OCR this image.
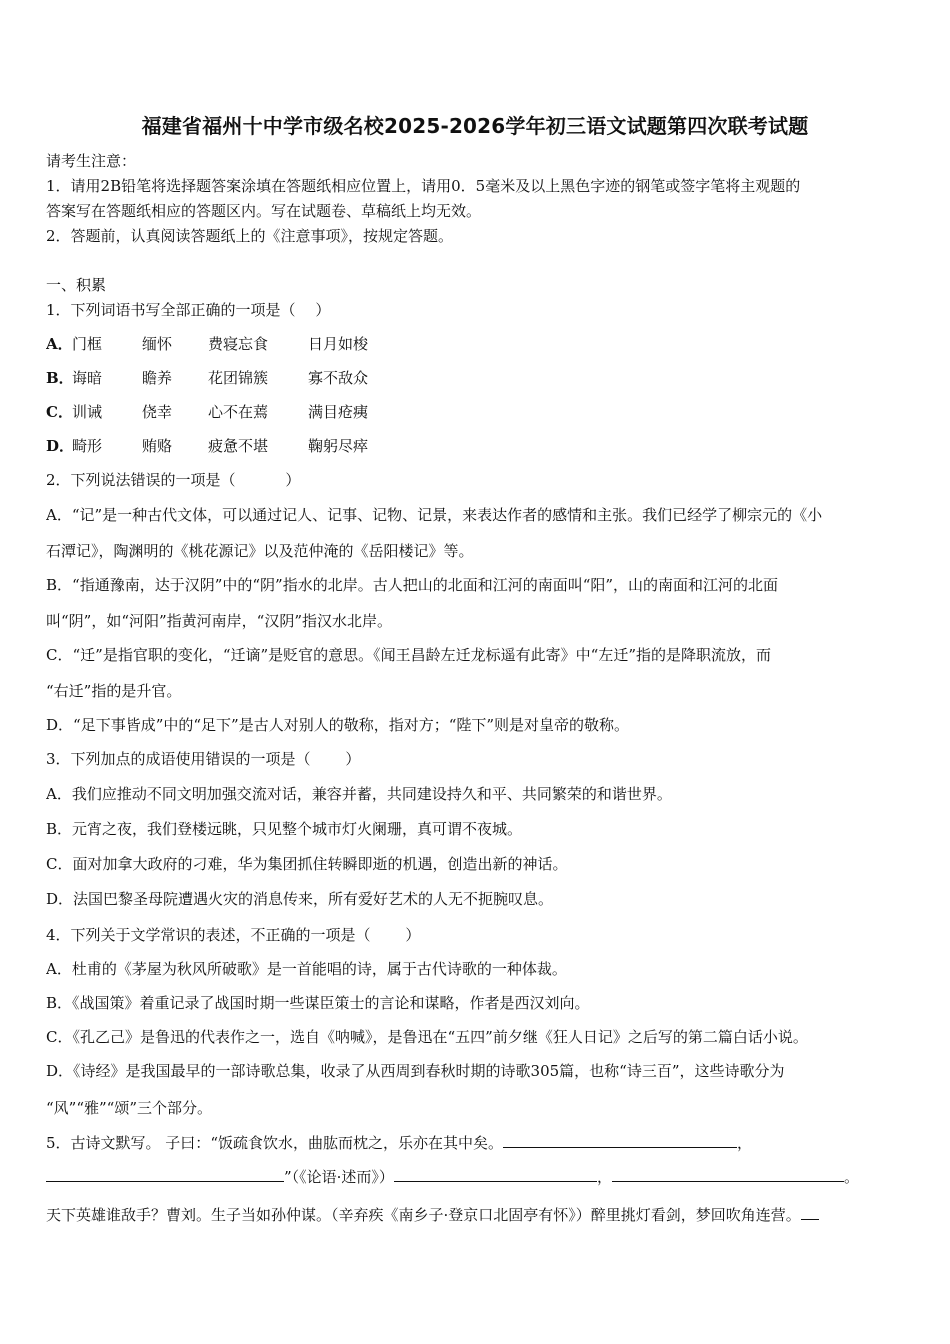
福建省福州十中学市级名校2025-2026学年初三语文试题第四次联考试题
请考生注意：
1．请用2B铅笔将选择题答案涂填在答题纸相应位置上，请用0．5毫米及以上黑色字迹的钢笔或签字笔将主观题的
答案写在答题纸相应的答题区内。写在试题卷、草稿纸上均无效。
2．答题前，认真阅读答题纸上的《注意事项》，按规定答题。
一、积累
1．下列词语书写全部正确的一项是（　 ）
A．门框	缅怀 费寝忘食	日月如梭
B．诲暗	瞻养 花团锦簇	寡不敌众
C．训诫	侥幸 心不在蔫	满目疮痍
D．畸形	贿赂 疲惫不堪	鞠躬尽瘁
2．下列说法错误的一项是（　 　　）
A．“记”是一种古代文体，可以通过记人、记事、记物、记景，来表达作者的感情和主张。我们已经学了柳宗元的《小
石潭记》，陶渊明的《桃花源记》以及范仲淹的《岳阳楼记》等。
B．“指通豫南，达于汉阴”中的“阴”指水的北岸。古人把山的北面和江河的南面叫“阳”，山的南面和江河的北面
叫“阴”，如“河阳”指黄河南岸，“汉阴”指汉水北岸。
C．“迁”是指官职的变化，“迁谪”是贬官的意思。《闻王昌龄左迁龙标遥有此寄》中“左迁”指的是降职流放，而
“右迁”指的是升官。
D．“足下事皆成”中的“足下”是古人对别人的敬称，指对方；“陛下”则是对皇帝的敬称。
3．下列加点的成语使用错误的一项是（　 　）
A．我们应推动不同文明加强交流对话，兼容并蓄，共同建设持久和平、共同繁荣的和谐世界。
B．元宵之夜，我们登楼远眺，只见整个城市灯火阑珊，真可谓不夜城。
C．面对加拿大政府的刁难，华为集团抓住转瞬即逝的机遇，创造出新的神话。
D．法国巴黎圣母院遭遇火灾的消息传来，所有爱好艺术的人无不扼腕叹息。
4．下列关于文学常识的表述，不正确的一项是（　 　）
A．杜甫的《茅屋为秋风所破歌》是一首能唱的诗，属于古代诗歌的一种体裁。
B．《战国策》着重记录了战国时期一些谋臣策士的言论和谋略，作者是西汉刘向。
C．《孔乙己》是鲁迅的代表作之一，选自《呐喊》，是鲁迅在“五四”前夕继《狂人日记》之后写的第二篇白话小说。
D．《诗经》是我国最早的一部诗歌总集，收录了从西周到春秋时期的诗歌305篇，也称“诗三百”，这些诗歌分为
“风”“雅”“颂”三个部分。
5．古诗文默写。 子曰：“饭疏食饮水，曲肱而枕之，乐亦在其中矣。	，
”（《论语·述而》）	，	。
天下英雄谁敌手？曹刘。生子当如孙仲谋。（辛弃疾《南乡子·登京口北固亭有怀》）醉里挑灯看剑，梦回吹角连营。
